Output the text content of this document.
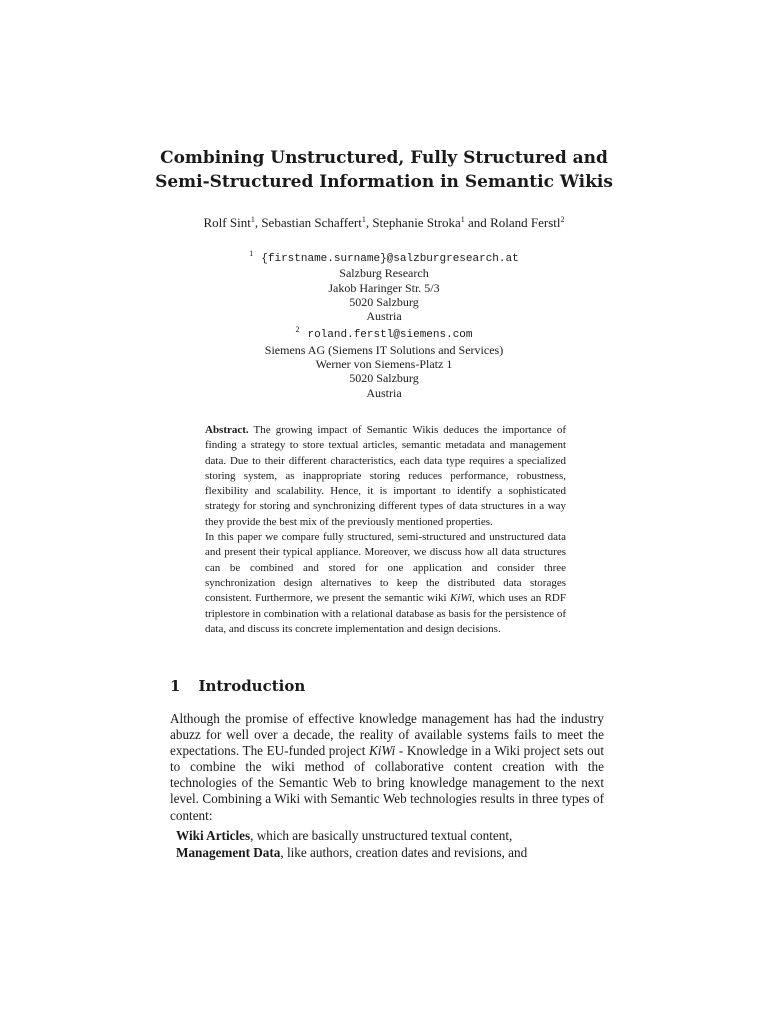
Combining Unstructured, Fully Structured and
Semi-Structured Information in Semantic Wikis
Rolf Sint$^1$, Sebastian Schaffert$^1$, Stephanie Stroka$^1$ and Roland Ferstl$^2$
$^1$ {firstname.surname}@salzburgresearch.at
Salzburg Research
Jakob Haringer Str. 5/3
5020 Salzburg
Austria
$^2$ roland.ferstl@siemens.com
Siemens AG (Siemens IT Solutions and Services)
Werner von Siemens-Platz 1
5020 Salzburg
Austria

Abstract. The growing impact of Semantic Wikis deduces the importance of finding a strategy to store textual articles, semantic metadata and management data. Due to their different characteristics, each data type requires a specialized storing system, as inappropriate storing reduces performance, robustness, flexibility and scalability. Hence, it is important to identify a sophisticated strategy for storing and synchronizing different types of data structures in a way they provide the best mix of the previously mentioned properties.

In this paper we compare fully structured, semi-structured and unstructured data and present their typical appliance. Moreover, we discuss how all data structures can be combined and stored for one application and consider three synchronization design alternatives to keep the distributed data storages consistent. Furthermore, we present the semantic wiki KiWi, which uses an RDF triplestore in combination with a relational database as basis for the persistence of data, and discuss its concrete implementation and design decisions.

1 Introduction

Although the promise of effective knowledge management has had the industry abuzz for well over a decade, the reality of available systems fails to meet the expectations. The EU-funded project KiWi - Knowledge in a Wiki project sets out to combine the wiki method of collaborative content creation with the technologies of the Semantic Web to bring knowledge management to the next level. Combining a Wiki with Semantic Web technologies results in three types of content:

Wiki Articles, which are basically unstructured textual content,
Management Data, like authors, creation dates and revisions, and
